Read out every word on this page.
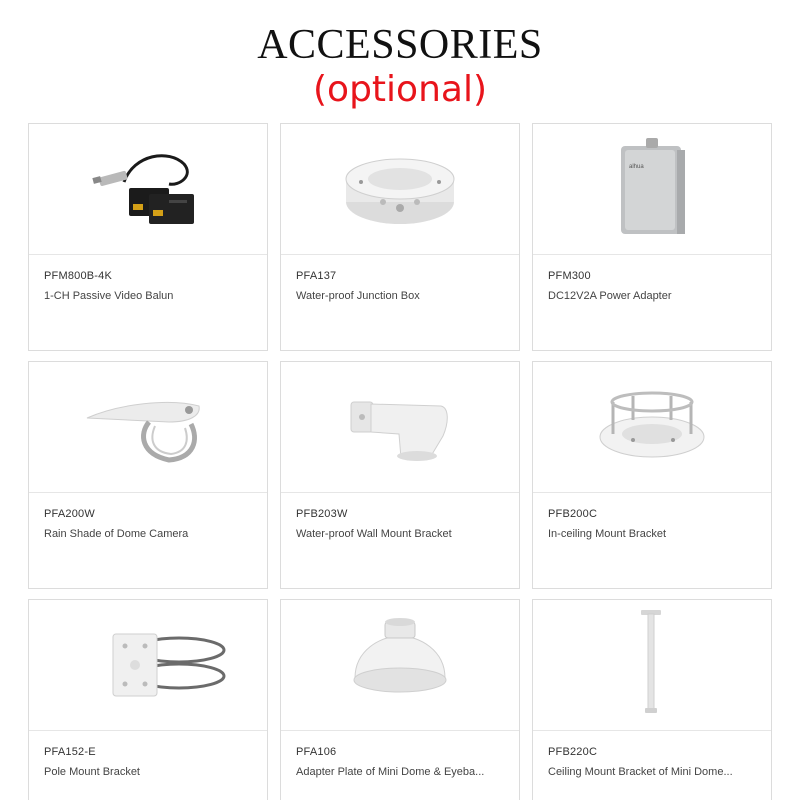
ACCESSORIES
(optional)
PFM800B-4K
1-CH Passive Video Balun
PFA137
Water-proof Junction Box
alhua
PFM300
DC12V2A Power Adapter
PFA200W
Rain Shade of Dome Camera
PFB203W
Water-proof Wall Mount Bracket
PFB200C
In-ceiling Mount Bracket
PFA152-E
Pole Mount Bracket
PFA106
Adapter Plate of Mini Dome & Eyeba...
PFB220C
Ceiling Mount Bracket of Mini Dome...
